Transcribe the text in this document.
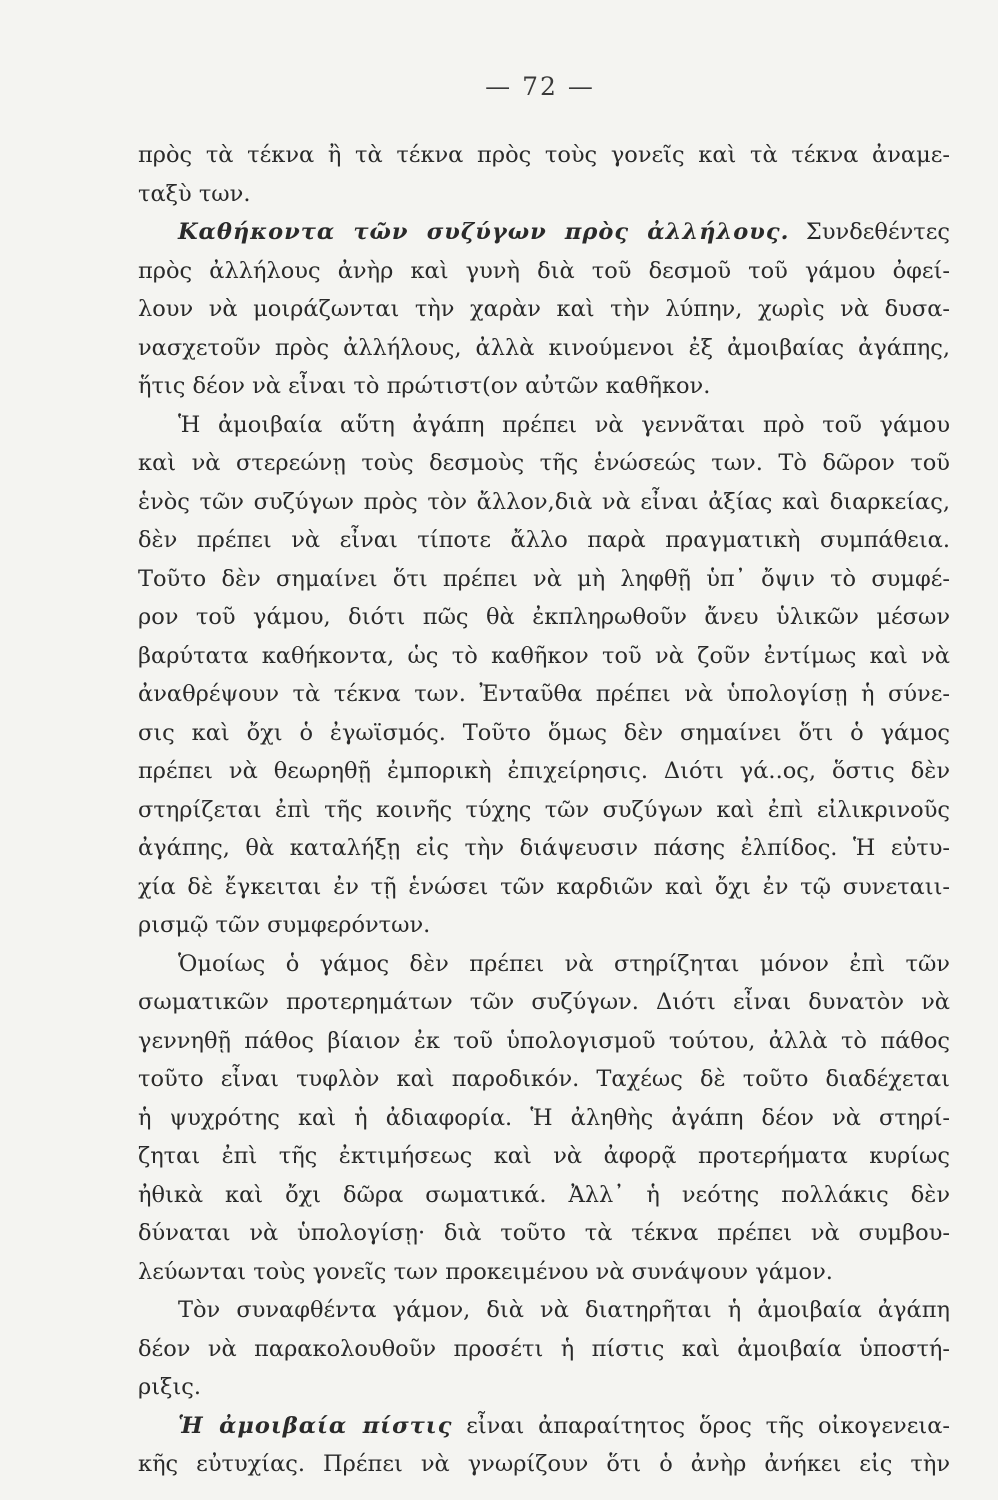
— 72 —
πρὸς τὰ τέκνα ἢ τὰ τέκνα πρὸς τοὺς γονεῖς καὶ τὰ τέκνα ἀναμε-
ταξὺ των.
Καθήκοντα τῶν συζύγων πρὸς ἀλλήλους. Συνδεθέντες
πρὸς ἀλλήλους ἀνὴρ καὶ γυνὴ διὰ τοῦ δεσμοῦ τοῦ γάμου ὀφεί-
λουν νὰ μοιράζωνται τὴν χαρὰν καὶ τὴν λύπην, χωρὶς νὰ δυσα-
νασχετοῦν πρὸς ἀλλήλους, ἀλλὰ κινούμενοι ἐξ ἀμοιβαίας ἀγάπης,
ἥτις δέον νὰ εἶναι τὸ πρώτιστ(ον αὐτῶν καθῆκον.
Ἡ ἀμοιβαία αὕτη ἀγάπη πρέπει νὰ γεννᾶται πρὸ τοῦ γάμου
καὶ νὰ στερεώνῃ τοὺς δεσμοὺς τῆς ἑνώσεώς των. Τὸ δῶρον τοῦ
ἑνὸς τῶν συζύγων πρὸς τὸν ἄλλον,διὰ νὰ εἶναι ἀξίας καὶ διαρκείας,
δὲν πρέπει νὰ εἶναι τίποτε ἄλλο παρὰ πραγματικὴ συμπάθεια.
Τοῦτο δὲν σημαίνει ὅτι πρέπει νὰ μὴ ληφθῇ ὑπ᾿ ὄψιν τὸ συμφέ-
ρον τοῦ γάμου, διότι πῶς θὰ ἐκπληρωθοῦν ἄνευ ὑλικῶν μέσων
βαρύτατα καθήκοντα, ὡς τὸ καθῆκον τοῦ νὰ ζοῦν ἐντίμως καὶ νὰ
ἀναθρέψουν τὰ τέκνα των. Ἐνταῦθα πρέπει νὰ ὑπολογίσῃ ἡ σύνε-
σις καὶ ὄχι ὁ ἐγωϊσμός. Τοῦτο ὅμως δὲν σημαίνει ὅτι ὁ γάμος
πρέπει νὰ θεωρηθῇ ἐμπορικὴ ἐπιχείρησις. Διότι γά..ος, ὅστις δὲν
στηρίζεται ἐπὶ τῆς κοινῆς τύχης τῶν συζύγων καὶ ἐπὶ εἰλικρινοῦς
ἀγάπης, θὰ καταλήξῃ εἰς τὴν διάψευσιν πάσης ἐλπίδος. Ἡ εὐτυ-
χία δὲ ἔγκειται ἐν τῇ ἑνώσει τῶν καρδιῶν καὶ ὄχι ἐν τῷ συνεταιι-
ρισμῷ τῶν συμφερόντων.
Ὁμοίως ὁ γάμος δὲν πρέπει νὰ στηρίζηται μόνον ἐπὶ τῶν
σωματικῶν προτερημάτων τῶν συζύγων. Διότι εἶναι δυνατὸν νὰ
γεννηθῇ πάθος βίαιον ἐκ τοῦ ὑπολογισμοῦ τούτου, ἀλλὰ τὸ πάθος
τοῦτο εἶναι τυφλὸν καὶ παροδικόν. Ταχέως δὲ τοῦτο διαδέχεται
ἡ ψυχρότης καὶ ἡ ἀδιαφορία. Ἡ ἀληθὴς ἀγάπη δέον νὰ στηρί-
ζηται ἐπὶ τῆς ἐκτιμήσεως καὶ νὰ ἀφορᾷ προτερήματα κυρίως
ἠθικὰ καὶ ὄχι δῶρα σωματικά. Ἀλλ᾿ ἡ νεότης πολλάκις δὲν
δύναται νὰ ὑπολογίσῃ· διὰ τοῦτο τὰ τέκνα πρέπει νὰ συμβου-
λεύωνται τοὺς γονεῖς των προκειμένου νὰ συνάψουν γάμον.
Τὸν συναφθέντα γάμον, διὰ νὰ διατηρῆται ἡ ἀμοιβαία ἀγάπη
δέον νὰ παρακολουθοῦν προσέτι ἡ πίστις καὶ ἀμοιβαία ὑποστή-
ριξις.
Ἡ ἀμοιβαία πίστις εἶναι ἀπαραίτητος ὅρος τῆς οἰκογενεια-
κῆς εὐτυχίας. Πρέπει νὰ γνωρίζουν ὅτι ὁ ἀνὴρ ἀνήκει εἰς τὴν
